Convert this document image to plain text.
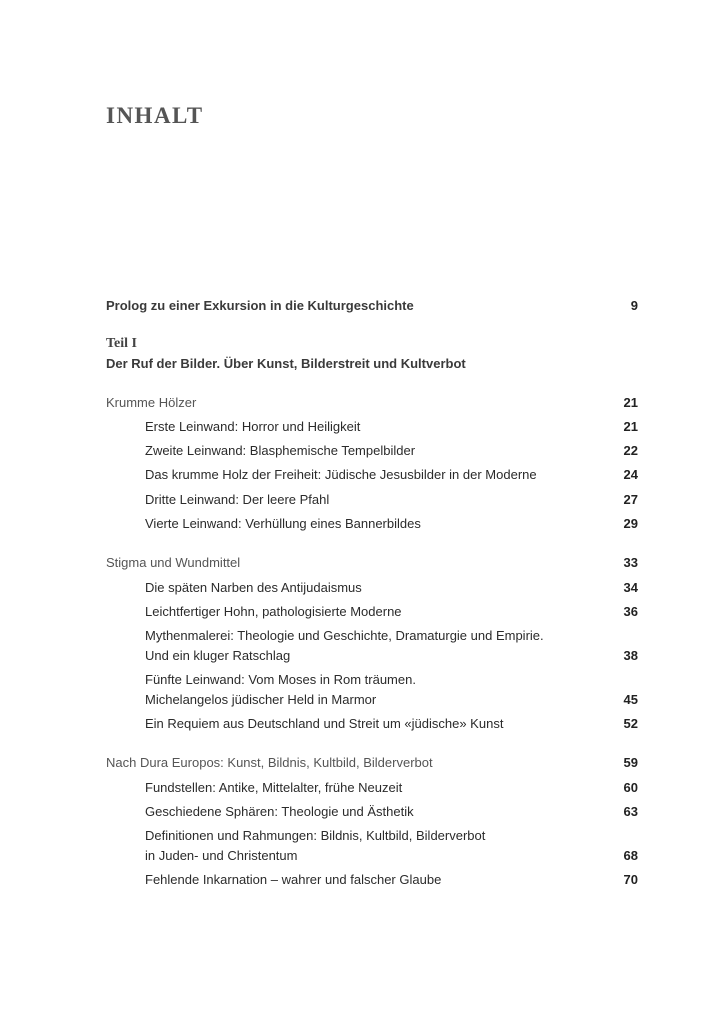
INHALT
Prolog zu einer Exkursion in die Kulturgeschichte	9
Teil I
Der Ruf der Bilder. Über Kunst, Bilderstreit und Kultverbot
Krumme Hölzer	21
Erste Leinwand: Horror und Heiligkeit	21
Zweite Leinwand: Blasphemische Tempelbilder	22
Das krumme Holz der Freiheit: Jüdische Jesusbilder in der Moderne	24
Dritte Leinwand: Der leere Pfahl	27
Vierte Leinwand: Verhüllung eines Bannerbildes	29
Stigma und Wundmittel	33
Die späten Narben des Antijudaismus	34
Leichtfertiger Hohn, pathologisierte Moderne	36
Mythenmalerei: Theologie und Geschichte, Dramaturgie und Empirie.
Und ein kluger Ratschlag	38
Fünfte Leinwand: Vom Moses in Rom träumen.
Michelangelos jüdischer Held in Marmor	45
Ein Requiem aus Deutschland und Streit um «jüdische» Kunst	52
Nach Dura Europos: Kunst, Bildnis, Kultbild, Bilderverbot	59
Fundstellen: Antike, Mittelalter, frühe Neuzeit	60
Geschiedene Sphären: Theologie und Ästhetik	63
Definitionen und Rahmungen: Bildnis, Kultbild, Bilderverbot
in Juden- und Christentum	68
Fehlende Inkarnation – wahrer und falscher Glaube	70
